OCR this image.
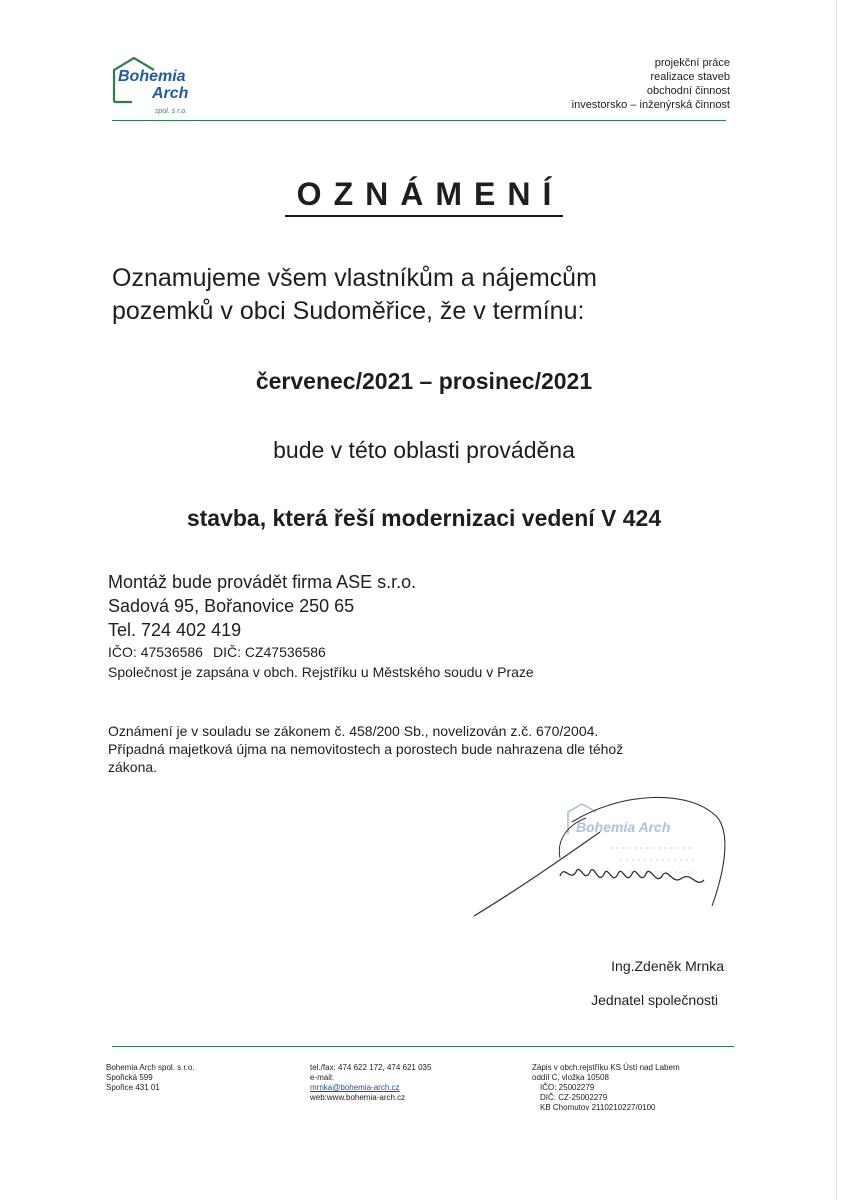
Bohemia
Arch
spol. s r.o.
projekční práce
realizace staveb
obchodní činnost
investorsko – inženýrská činnost
OZNÁMENÍ
Oznamujeme všem vlastníkům a nájemcům
pozemků v obci Sudoměřice, že v termínu:
červenec/2021 – prosinec/2021
bude v této oblasti prováděna
stavba, která řeší modernizaci vedení V 424
Montáž bude provádět firma ASE s.r.o.
Sadová 95, Bořanovice 250 65
Tel. 724 402 419
IČO: 47536586 DIČ: CZ47536586
Společnost je zapsána v obch. Rejstříku u Městského soudu v Praze
Oznámení je v souladu se zákonem č. 458/200 Sb., novelizován z.č. 670/2004.
Případná majetková újma na nemovitostech a porostech bude nahrazena dle téhož
zákona.
Bohemia Arch
Ing.Zdeněk Mrnka
Jednatel společnosti
Bohemia Arch spol. s r.o.
Spořická 599
Spořice 431 01
tel./fax: 474 622 172, 474 621 035
e-mail:
mrnka@bohemia-arch.cz
web:www.bohemia-arch.cz
Zápis v obch.rejstříku KS Ústí nad Labem
oddíl C, vložka 10508
IČO: 25002279
DIČ: CZ-25002279
KB Chomutov 2110210227/0100
